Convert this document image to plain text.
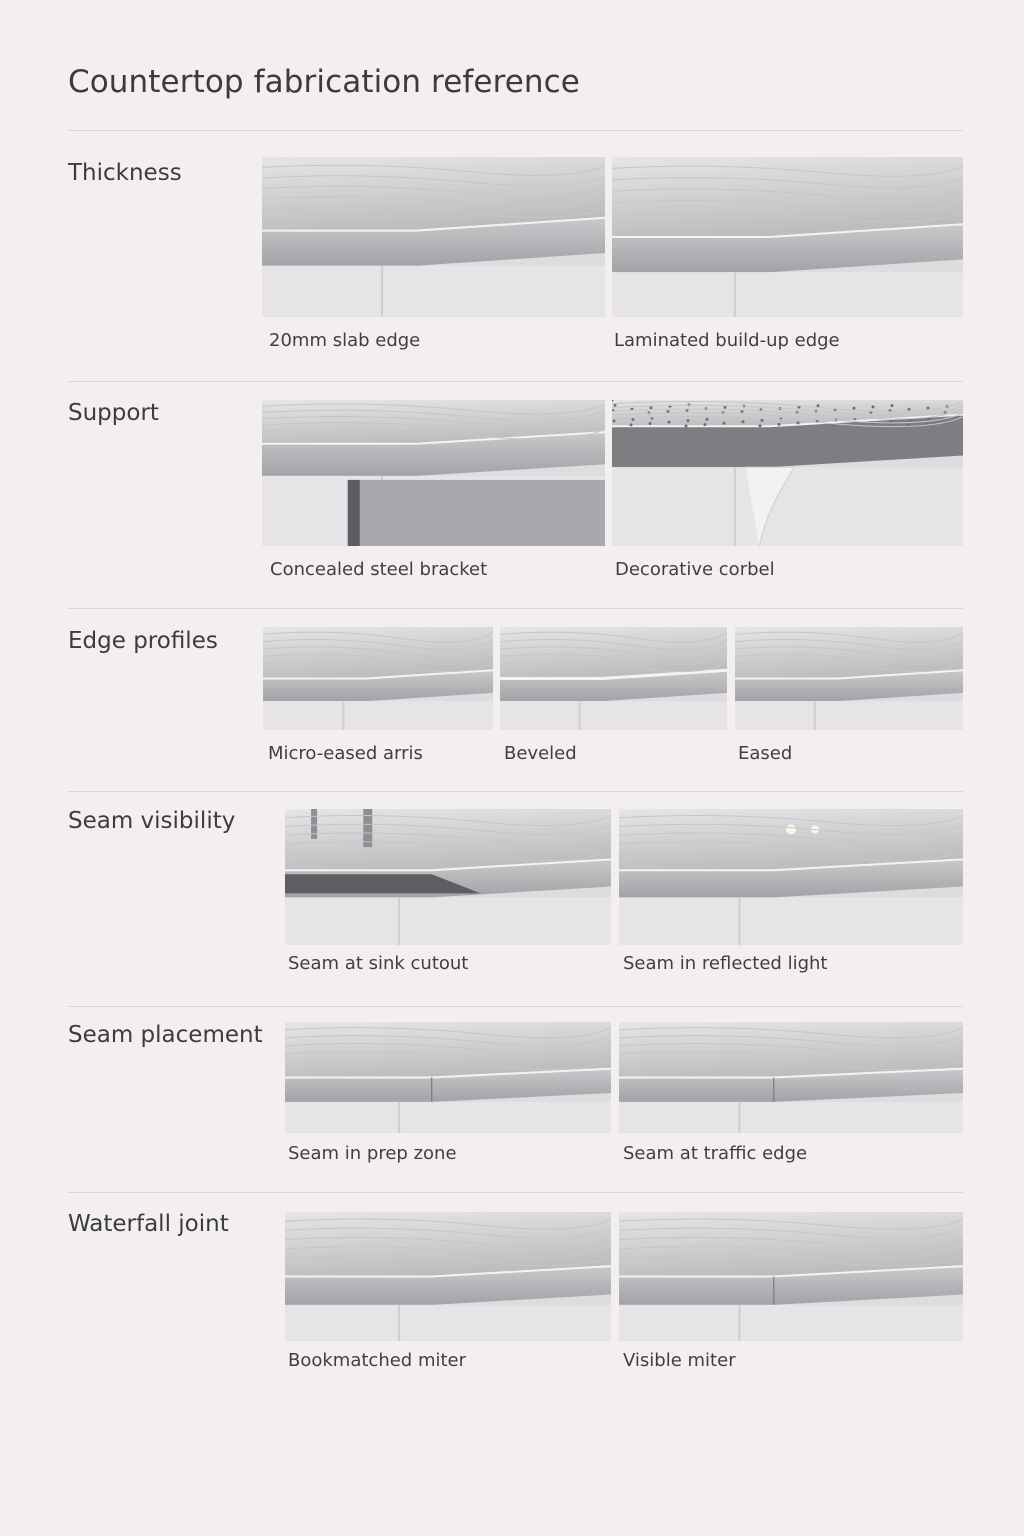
Countertop fabrication reference
Thickness
20mm slab edge	Laminated build-up edge
Support
Concealed steel bracket	Decorative corbel
Edge profiles
Micro-eased arris	Beveled	Eased
Seam visibility
Seam at sink cutout	Seam in reflected light
Seam placement
Seam in prep zone	Seam at traffic edge
Waterfall joint
Bookmatched miter	Visible miter
